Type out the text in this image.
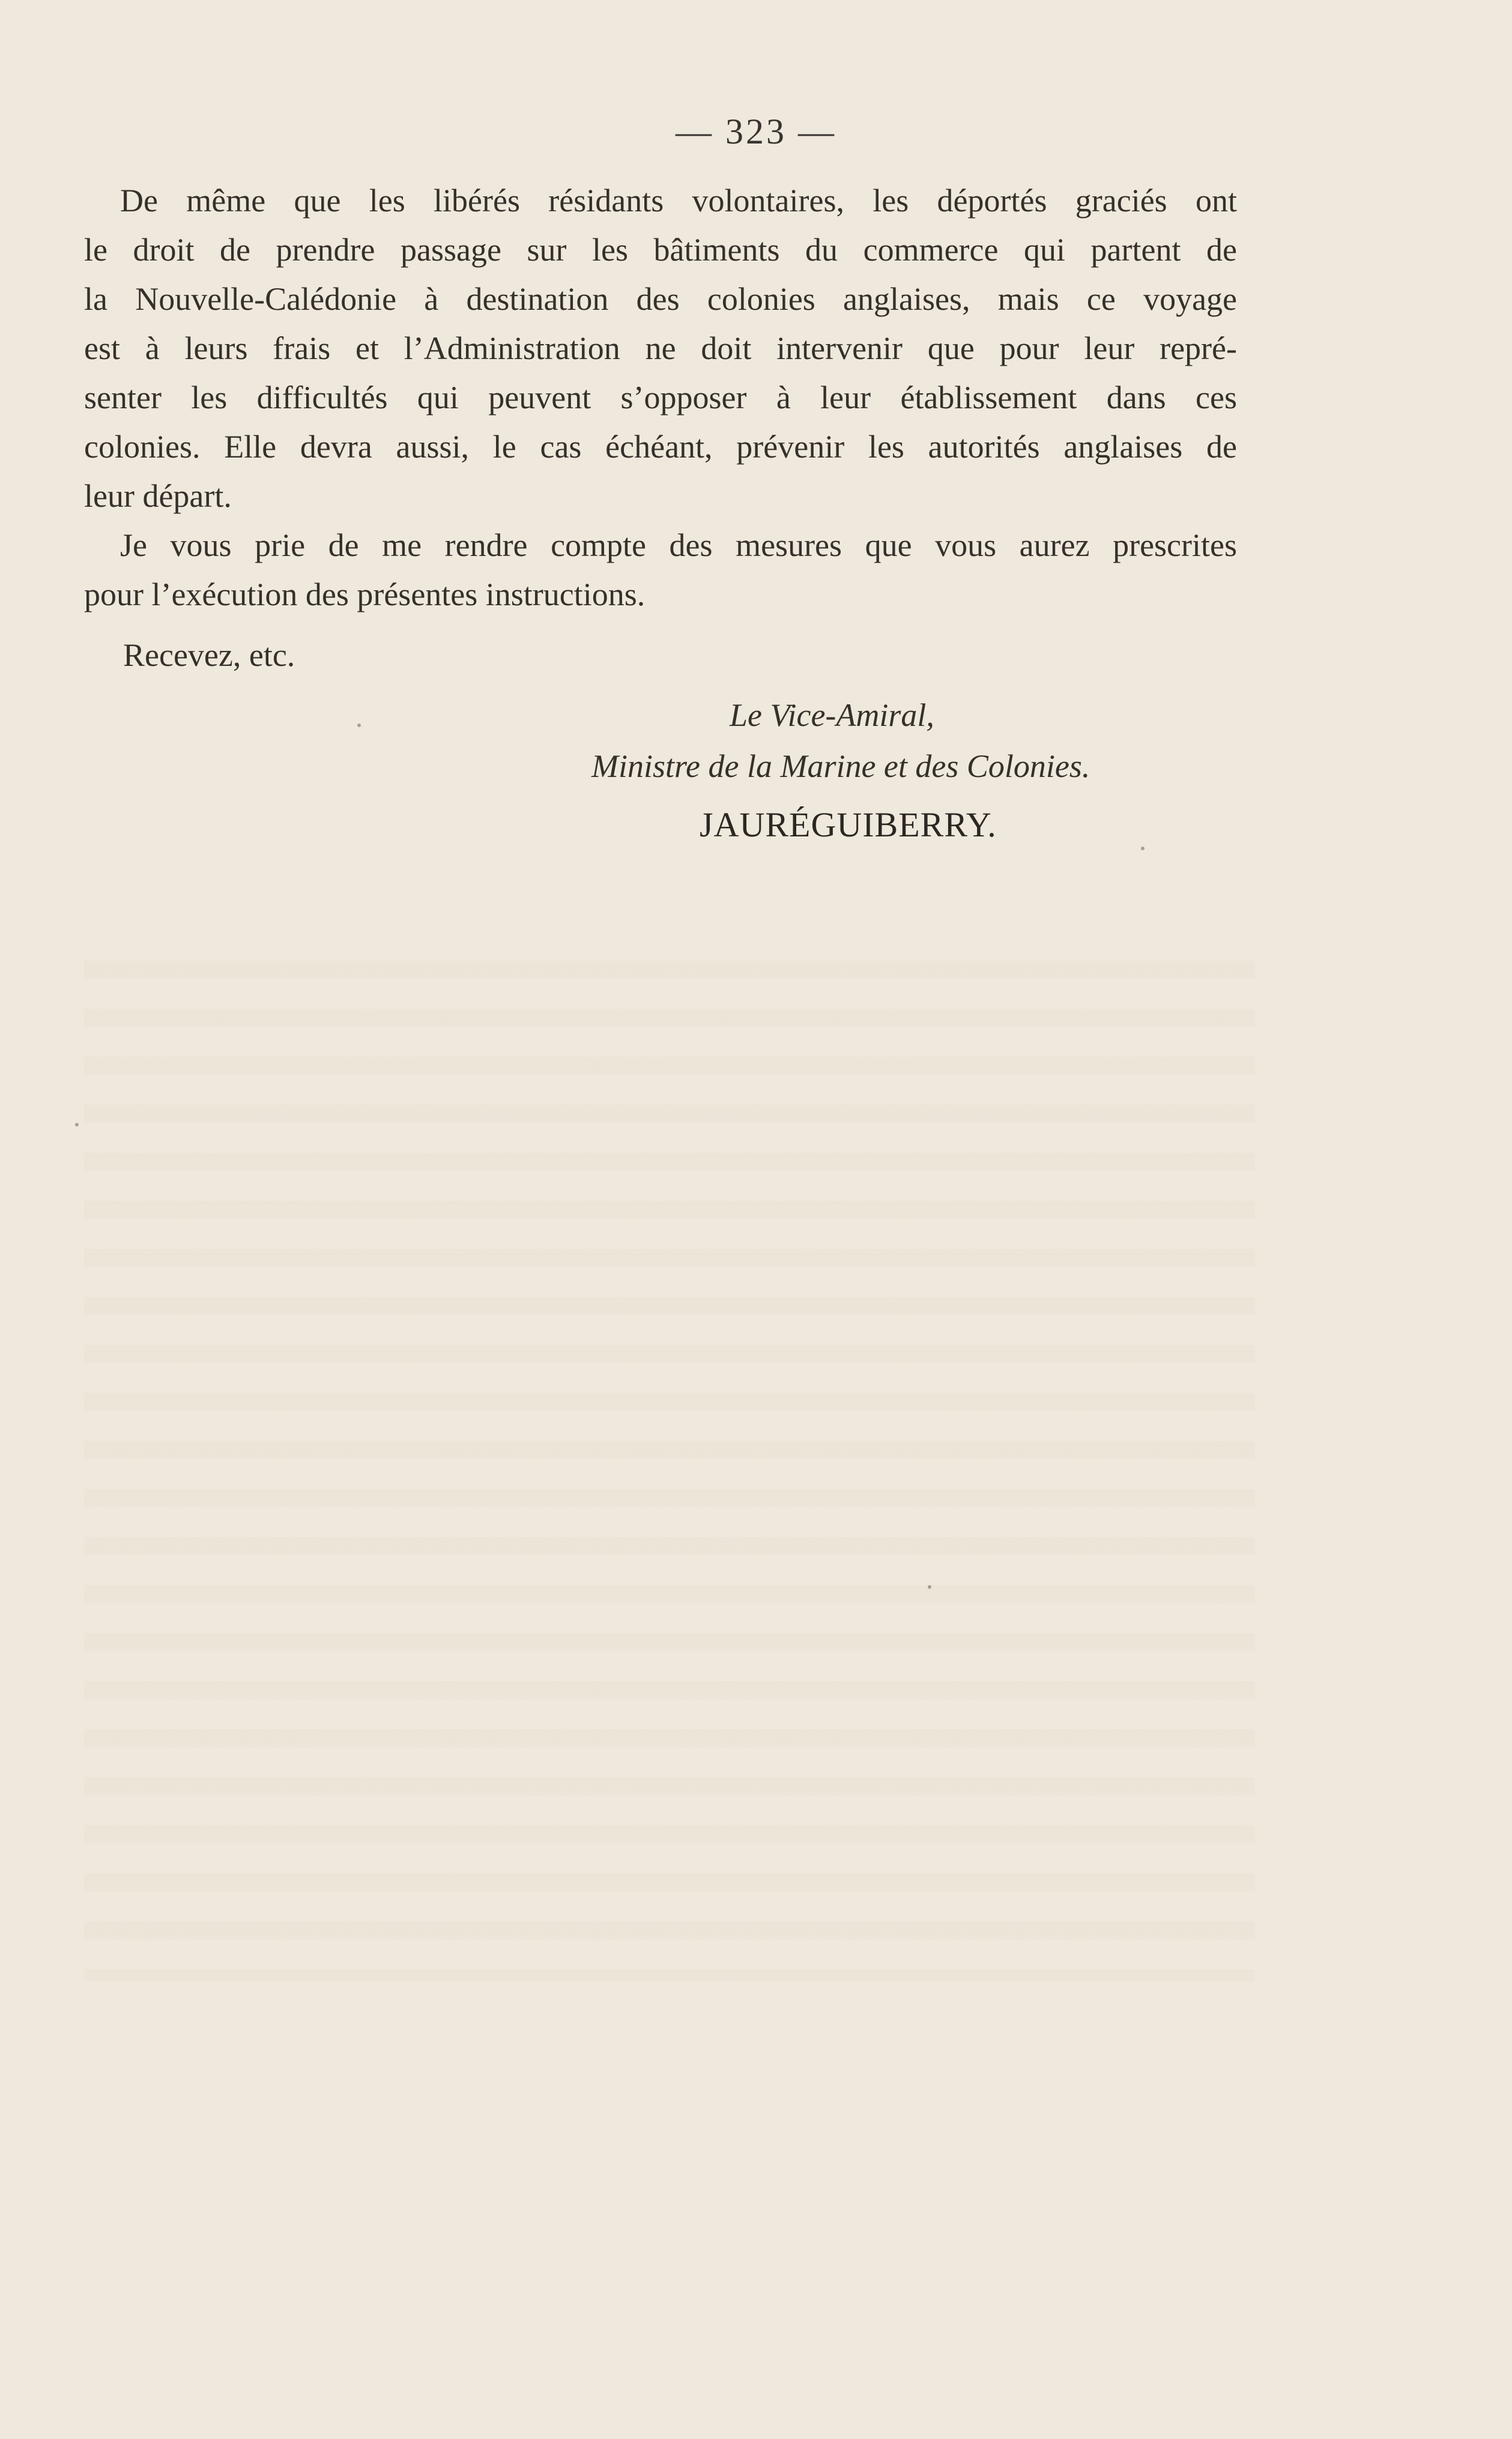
— 323 —
De même que les libérés résidants volontaires, les déportés graciés ont
le droit de prendre passage sur les bâtiments du commerce qui partent de
la Nouvelle-Calédonie à destination des colonies anglaises, mais ce voyage
est à leurs frais et l’Administration ne doit intervenir que pour leur repré-
senter les difficultés qui peuvent s’opposer à leur établissement dans ces
colonies. Elle devra aussi, le cas échéant, prévenir les autorités anglaises de
leur départ.
Je vous prie de me rendre compte des mesures que vous aurez prescrites
pour l’exécution des présentes instructions.
Recevez, etc.
Le Vice-Amiral,
Ministre de la Marine et des Colonies.
JAURÉGUIBERRY.
